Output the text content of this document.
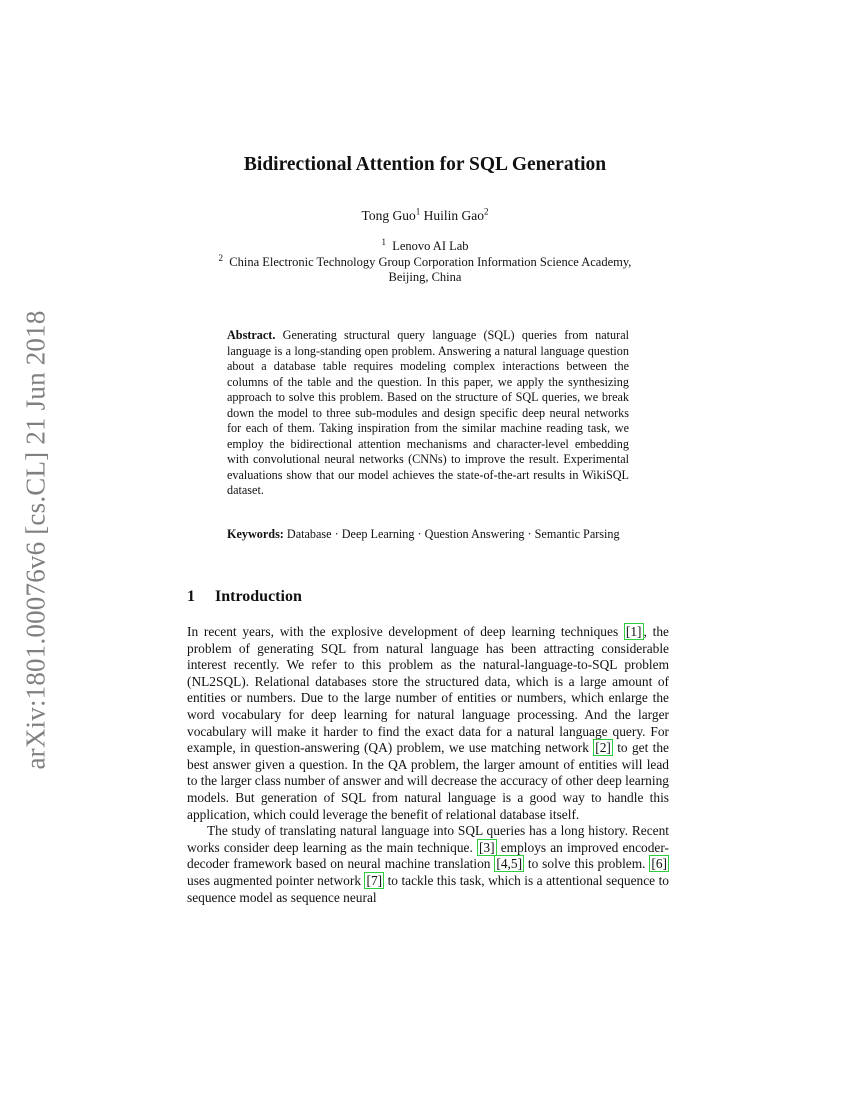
arXiv:1801.00076v6 [cs.CL] 21 Jun 2018
Bidirectional Attention for SQL Generation
Tong Guo$^1$ Huilin Gao$^2$
$^1$ Lenovo AI Lab
$^2$ China Electronic Technology Group Corporation Information Science Academy,
Beijing, China
Abstract. Generating structural query language (SQL) queries from natural language is a long-standing open problem. Answering a natural language question about a database table requires modeling complex interactions between the columns of the table and the question. In this paper, we apply the synthesizing approach to solve this problem. Based on the structure of SQL queries, we break down the model to three sub-modules and design specific deep neural networks for each of them. Taking inspiration from the similar machine reading task, we employ the bidirectional attention mechanisms and character-level embedding with convolutional neural networks (CNNs) to improve the result. Experimental evaluations show that our model achieves the state-of-the-art results in WikiSQL dataset.
Keywords: Database · Deep Learning · Question Answering · Semantic Parsing
1 Introduction

In recent years, with the explosive development of deep learning techniques [1] , the problem of generating SQL from natural language has been attracting considerable interest recently. We refer to this problem as the natural-language-to-SQL problem (NL2SQL). Relational databases store the structured data, which is a large amount of entities or numbers. Due to the large number of entities or numbers, which enlarge the word vocabulary for deep learning for natural language processing. And the larger vocabulary will make it harder to find the exact data for a natural language query. For example, in question-answering (QA) problem, we use matching network [2] to get the best answer given a question. In the QA problem, the larger amount of entities will lead to the larger class number of answer and will decrease the accuracy of other deep learning models. But generation of SQL from natural language is a good way to handle this application, which could leverage the benefit of relational database itself.

The study of translating natural language into SQL queries has a long history. Recent works consider deep learning as the main technique. [3] employs an improved encoder-decoder framework based on neural machine translation [4,5] to solve this problem. [6] uses augmented pointer network [7] to tackle this task, which is a attentional sequence to sequence model as sequence neural
